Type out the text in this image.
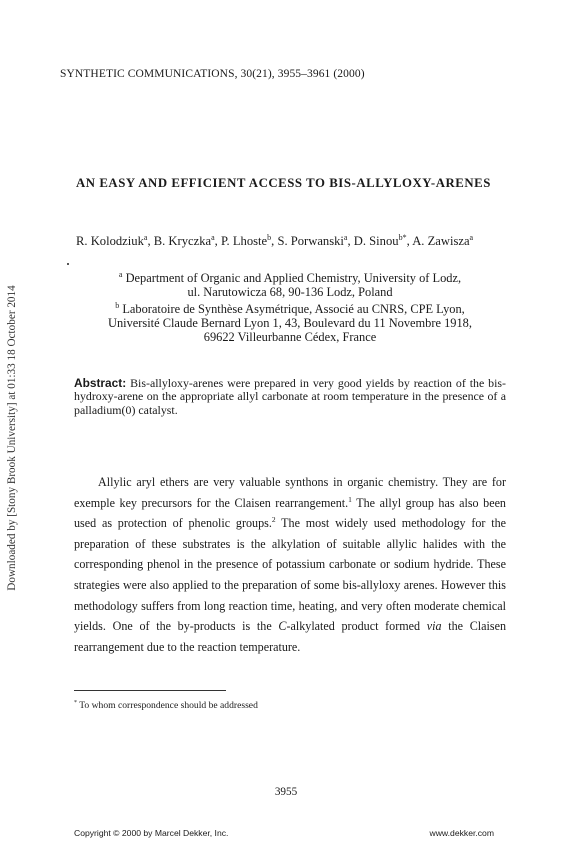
Downloaded by [Stony Brook University] at 01:33 18 October 2014
SYNTHETIC COMMUNICATIONS, 30(21), 3955–3961 (2000)
AN EASY AND EFFICIENT ACCESS TO BIS-ALLYLOXY-ARENES
R. Kolodziuk$^a$, B. Kryczka$^a$, P. Lhoste$^b$, S. Porwanski$^a$, D. Sinou$^{b*}$, A. Zawisza$^a$
$^a$ Department of Organic and Applied Chemistry, University of Lodz,
ul. Narutowicza 68, 90-136 Lodz, Poland
$^b$ Laboratoire de Synthèse Asymétrique, Associé au CNRS, CPE Lyon,
Université Claude Bernard Lyon 1, 43, Boulevard du 11 Novembre 1918,
69622 Villeurbanne Cédex, France
Abstract: Bis-allyloxy-arenes were prepared in very good yields by reaction of the bis-hydroxy-arene on the appropriate allyl carbonate at room temperature in the presence of a palladium(0) catalyst.
Allylic aryl ethers are very valuable synthons in organic chemistry. They are for exemple key precursors for the Claisen rearrangement.$^1$ The allyl group has also been used as protection of phenolic groups.$^2$ The most widely used methodology for the preparation of these substrates is the alkylation of suitable allylic halides with the corresponding phenol in the presence of potassium carbonate or sodium hydride. These strategies were also applied to the preparation of some bis-allyloxy arenes. However this methodology suffers from long reaction time, heating, and very often moderate chemical yields. One of the by-products is the C-alkylated product formed via the Claisen rearrangement due to the reaction temperature.
* To whom correspondence should be addressed
3955
Copyright © 2000 by Marcel Dekker, Inc.	www.dekker.com
